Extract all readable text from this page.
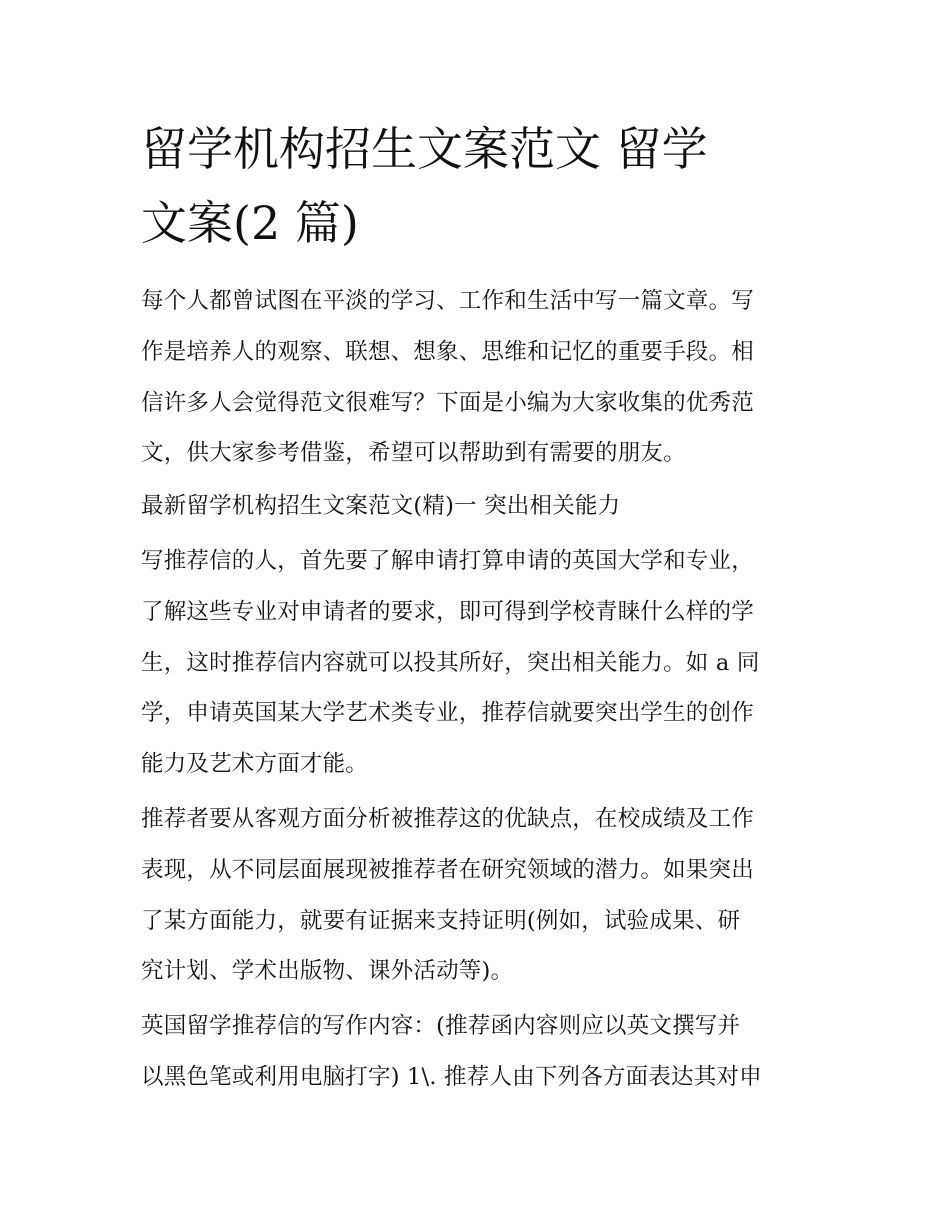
留学机构招生文案范文 留学
文案(2 篇)
每个人都曾试图在平淡的学习、工作和生活中写一篇文章。写
作是培养人的观察、联想、想象、思维和记忆的重要手段。相
信许多人会觉得范文很难写？下面是小编为大家收集的优秀范
文，供大家参考借鉴，希望可以帮助到有需要的朋友。
最新留学机构招生文案范文(精)一 突出相关能力
写推荐信的人，首先要了解申请打算申请的英国大学和专业，
了解这些专业对申请者的要求，即可得到学校青睐什么样的学
生，这时推荐信内容就可以投其所好，突出相关能力。如 a 同
学，申请英国某大学艺术类专业，推荐信就要突出学生的创作
能力及艺术方面才能。
推荐者要从客观方面分析被推荐这的优缺点，在校成绩及工作
表现，从不同层面展现被推荐者在研究领域的潜力。如果突出
了某方面能力，就要有证据来支持证明(例如，试验成果、研
究计划、学术出版物、课外活动等)。
英国留学推荐信的写作内容：(推荐函内容则应以英文撰写并
以黑色笔或利用电脑打字) 1\. 推荐人由下列各方面表达其对申
